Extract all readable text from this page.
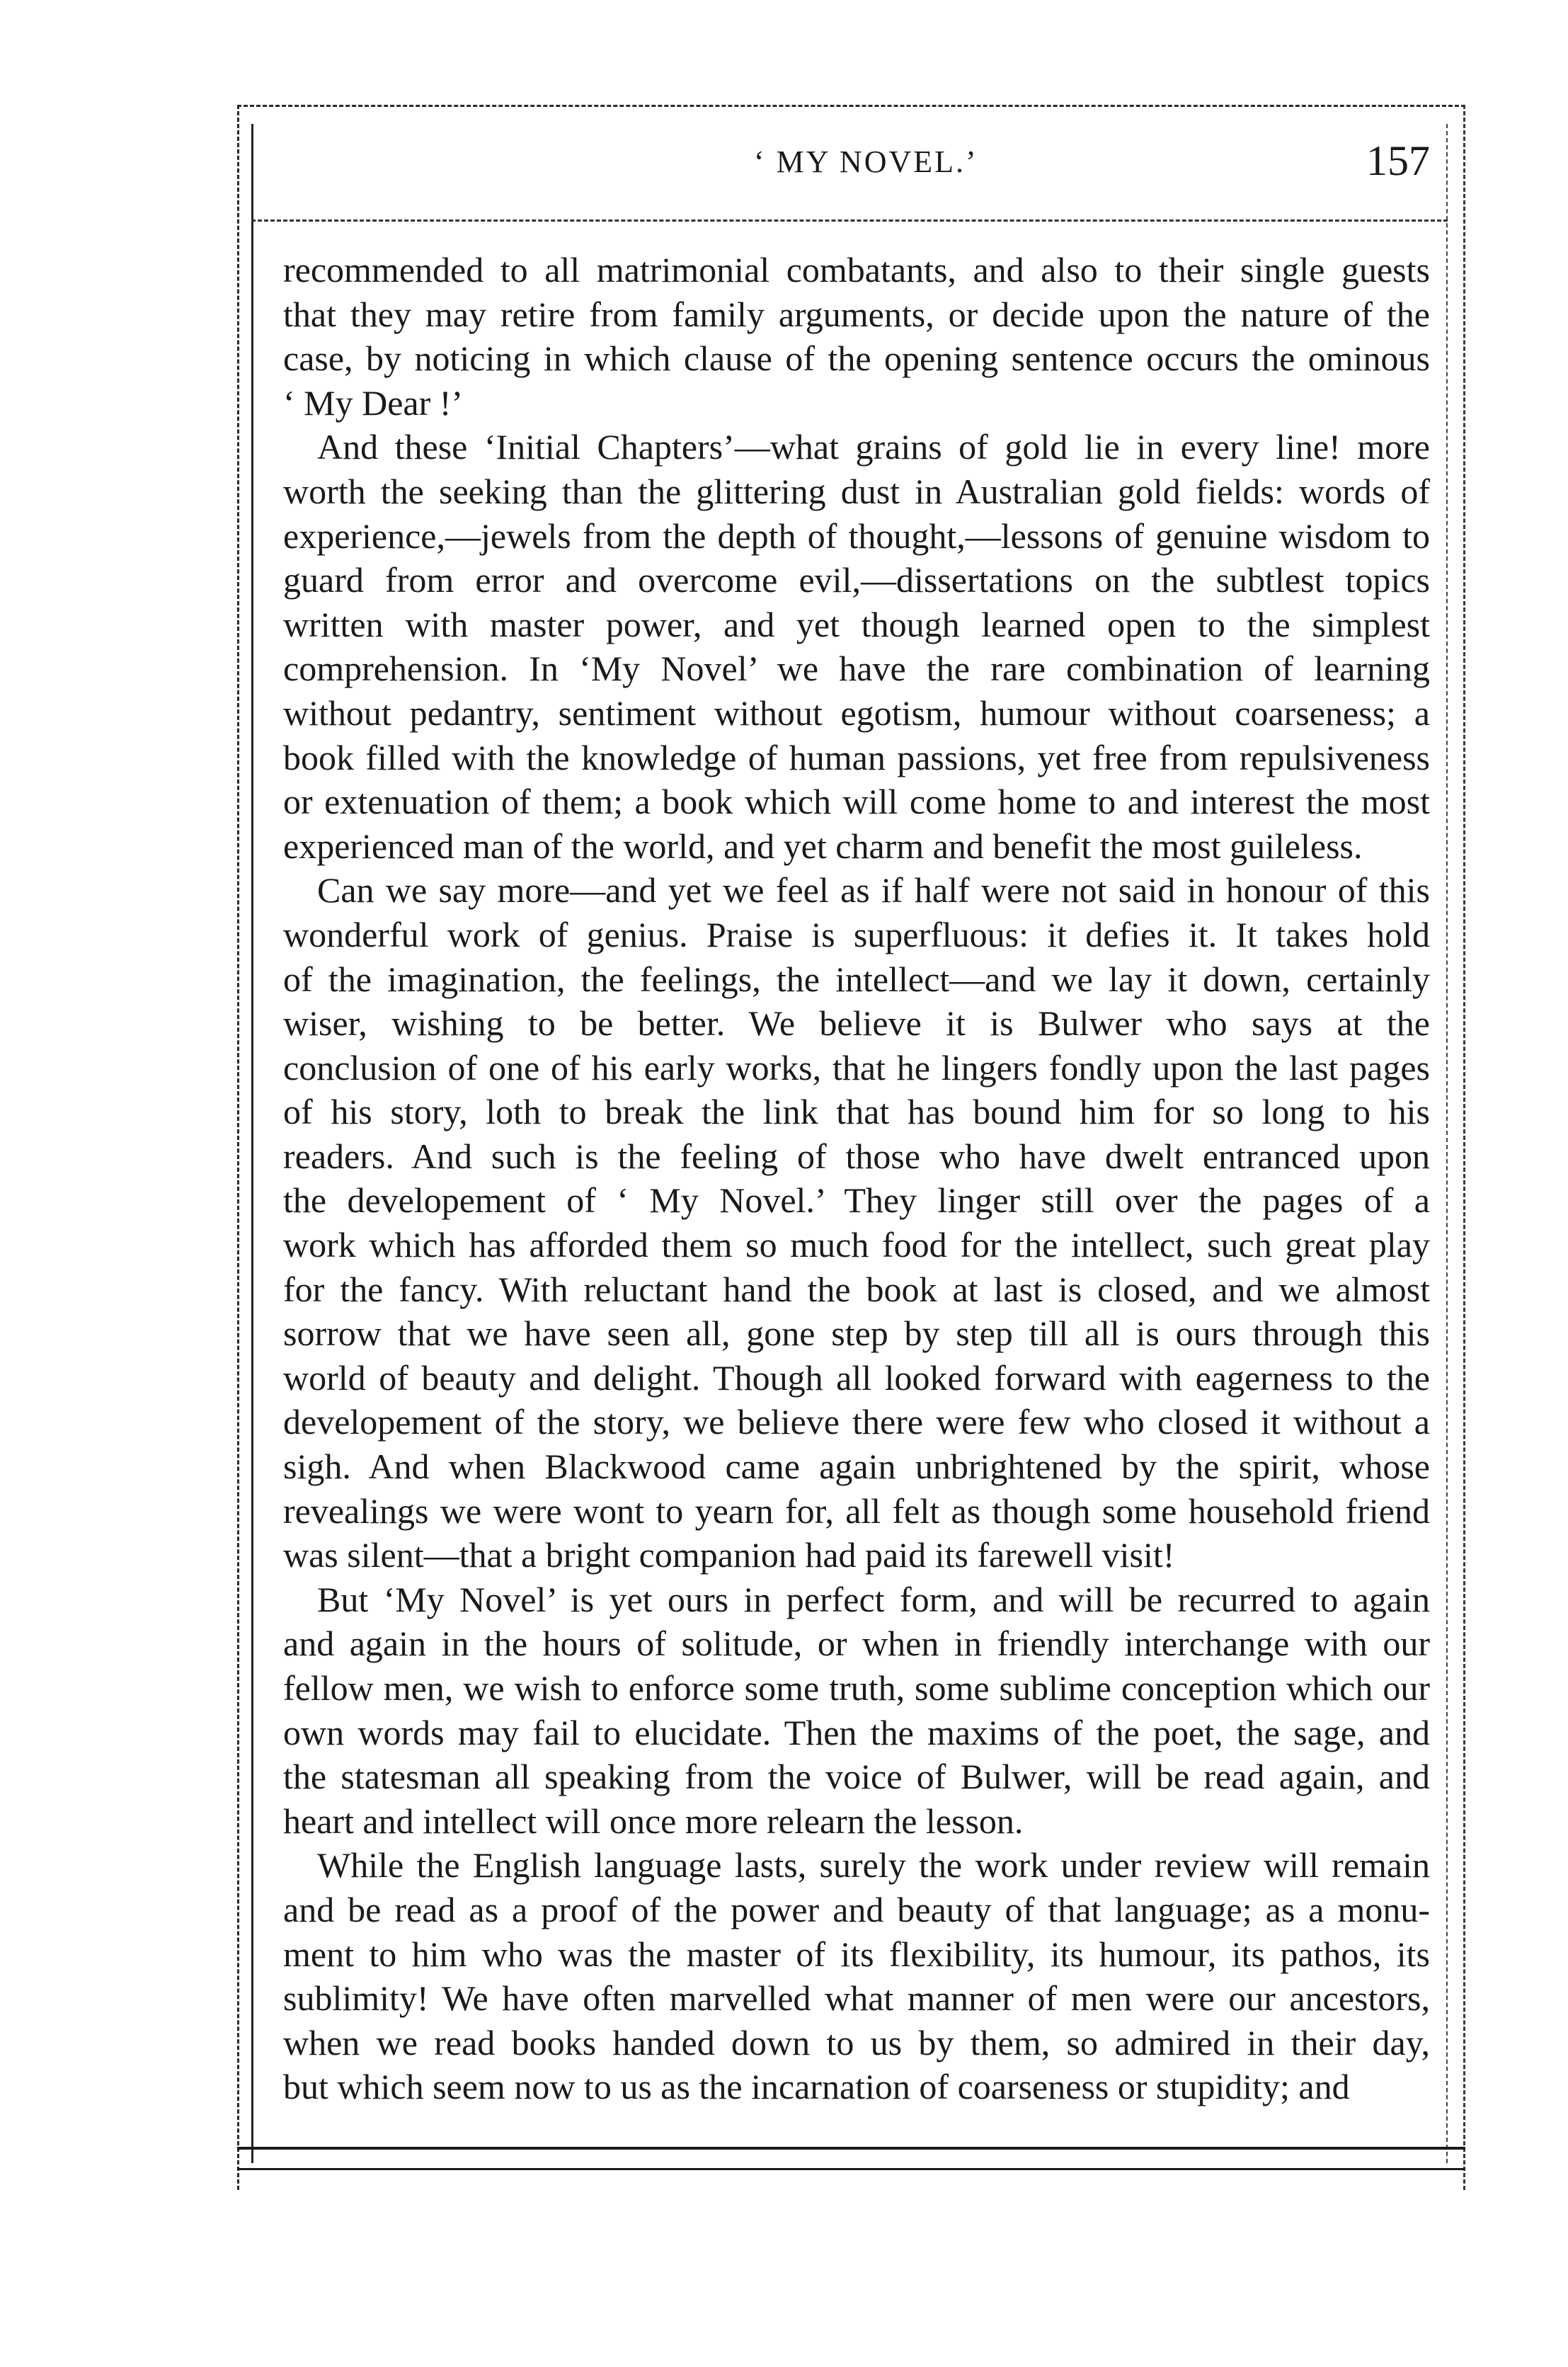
‘ MY NOVEL.’	157
recommended to all matrimonial combatants, and also to their single guests
that they may retire from family arguments, or decide upon the nature of the
case, by noticing in which clause of the opening sentence occurs the ominous
‘ My Dear !’
And these ‘Initial Chapters’—what grains of gold lie in every line! more
worth the seeking than the glittering dust in Australian gold fields: words of
experience,—jewels from the depth of thought,—lessons of genuine wisdom to
guard from error and overcome evil,—dissertations on the subtlest topics
written with master power, and yet though learned open to the simplest
comprehension. In ‘My Novel’ we have the rare combination of learning
without pedantry, sentiment without egotism, humour without coarseness; a
book filled with the knowledge of human passions, yet free from repulsiveness
or extenuation of them; a book which will come home to and interest the most
experienced man of the world, and yet charm and benefit the most guileless.
Can we say more—and yet we feel as if half were not said in honour of this
wonderful work of genius. Praise is superfluous: it defies it. It takes hold
of the imagination, the feelings, the intellect—and we lay it down, certainly
wiser, wishing to be better. We believe it is Bulwer who says at the
conclusion of one of his early works, that he lingers fondly upon the last pages
of his story, loth to break the link that has bound him for so long to his
readers. And such is the feeling of those who have dwelt entranced upon
the developement of ‘ My Novel.’ They linger still over the pages of a
work which has afforded them so much food for the intellect, such great play
for the fancy. With reluctant hand the book at last is closed, and we almost
sorrow that we have seen all, gone step by step till all is ours through this
world of beauty and delight. Though all looked forward with eagerness to the
developement of the story, we believe there were few who closed it without a
sigh. And when Blackwood came again unbrightened by the spirit, whose
revealings we were wont to yearn for, all felt as though some household friend
was silent—that a bright companion had paid its farewell visit!
But ‘My Novel’ is yet ours in perfect form, and will be recurred to again
and again in the hours of solitude, or when in friendly interchange with our
fellow men, we wish to enforce some truth, some sublime conception which our
own words may fail to elucidate. Then the maxims of the poet, the sage, and
the statesman all speaking from the voice of Bulwer, will be read again, and
heart and intellect will once more relearn the lesson.
While the English language lasts, surely the work under review will remain
and be read as a proof of the power and beauty of that language; as a monu-
ment to him who was the master of its flexibility, its humour, its pathos, its
sublimity! We have often marvelled what manner of men were our ancestors,
when we read books handed down to us by them, so admired in their day,
but which seem now to us as the incarnation of coarseness or stupidity; and
